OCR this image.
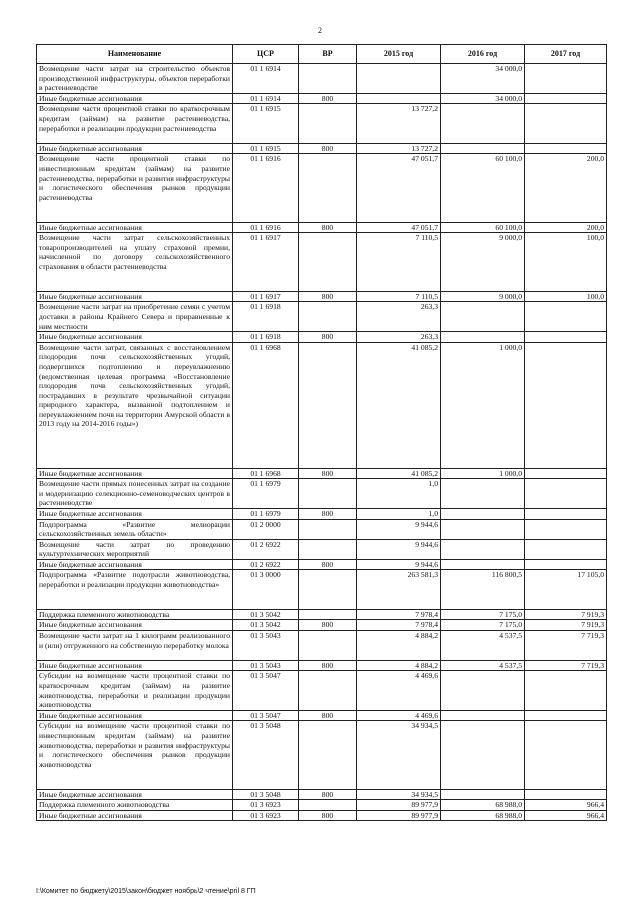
2
Наименование	ЦСР	ВР	2015 год	2016 год	2017 год
Возмещение части затрат на строительство объектов производственной инфраструктуры, объектов переработки в растениеводстве	01 1 6914			34 000,0	
Иные бюджетные ассигнования	01 1 6914	800		34 000,0	
Возмещение части процентной ставки по краткосрочным кредитам (займам) на развитие растениеводства, переработки и реализации продукции растениеводства	01 1 6915		13 727,2		
Иные бюджетные ассигнования	01 1 6915	800	13 727,2		
Возмещение части процентной ставки по инвестиционным кредитам (займам) на развитие растениеводства, переработки и развития инфраструктуры и логистического обеспечения рынков продукции растениеводства	01 1 6916		47 051,7	60 100,0	200,0
Иные бюджетные ассигнования	01 1 6916	800	47 051,7	60 100,0	200,0
Возмещение части затрат сельскохозяйственных товаропроизводителей на уплату страховой премии, начисленной по договору сельскохозяйственного страхования в области растениеводства	01 1 6917		7 110,5	9 000,0	100,0
Иные бюджетные ассигнования	01 1 6917	800	7 110,5	9 000,0	100,0
Возмещение части затрат на приобретение семян с учетом доставки в районы Крайнего Севера и приравненные к ним местности	01 1 6918		263,3		
Иные бюджетные ассигнования	01 1 6918	800	263,3		
Возмещение части затрат, связанных с восстановлением плодородия почв сельскохозяйственных угодий, подвергшихся подтоплению и переувлажнению (ведомственная целевая программа «Восстановление плодородия почв сельскохозяйственных угодий, пострадавших в результате чрезвычайной ситуации природного характера, вызванной подтоплением и переувлажнением почв на территории Амурской области в 2013 году на 2014-2016 годы»)	01 1 6968		41 085,2	1 000,0	
Иные бюджетные ассигнования	01 1 6968	800	41 085,2	1 000,0	
Возмещение части прямых понесенных затрат на создание и модернизацию селекционно-семеноводческих центров в растениеводстве	01 1 6979		1,0		
Иные бюджетные ассигнования	01 1 6979	800	1,0		
Подпрограмма «Развитие мелиорации сельскохозяйственных земель области»	01 2 0000		9 944,6		
Возмещение части затрат по проведению культуртехнических мероприятий	01 2 6922		9 944,6		
Иные бюджетные ассигнования	01 2 6922	800	9 944,6		
Подпрограмма «Развитие подотрасли животноводства, переработки и реализации продукции животноводства»	01 3 0000		263 581,3	116 800,5	17 105,0
Поддержка племенного животноводства	01 3 5042		7 978,4	7 175,0	7 919,3
Иные бюджетные ассигнования	01 3 5042	800	7 978,4	7 175,0	7 919,3
Возмещение части затрат на 1 килограмм реализованного и (или) отгруженного на собственную переработку молока	01 3 5043		4 884,2	4 537,5	7 719,3
Иные бюджетные ассигнования	01 3 5043	800	4 884,2	4 537,5	7 719,3
Субсидии на возмещение части процентной ставки по краткосрочным кредитам (займам) на развитие животноводства, переработки и реализации продукции животноводства	01 3 5047		4 469,6		
Иные бюджетные ассигнования	01 3 5047	800	4 469,6		
Субсидии на возмещение части процентной ставки по инвестиционным кредитам (займам) на развитие животноводства, переработки и развития инфраструктуры и логистического обеспечения рынков продукции животноводства	01 3 5048		34 934,5		
Иные бюджетные ассигнования	01 3 5048	800	34 934,5		
Поддержка племенного животноводства	01 3 6923		89 977,9	68 988,0	966,4
Иные бюджетные ассигнования	01 3 6923	800	89 977,9	68 988,0	966,4
I:\Комитет по бюджету\2015\закон\бюджет ноябрь\2 чтение\pril 8 ГП
